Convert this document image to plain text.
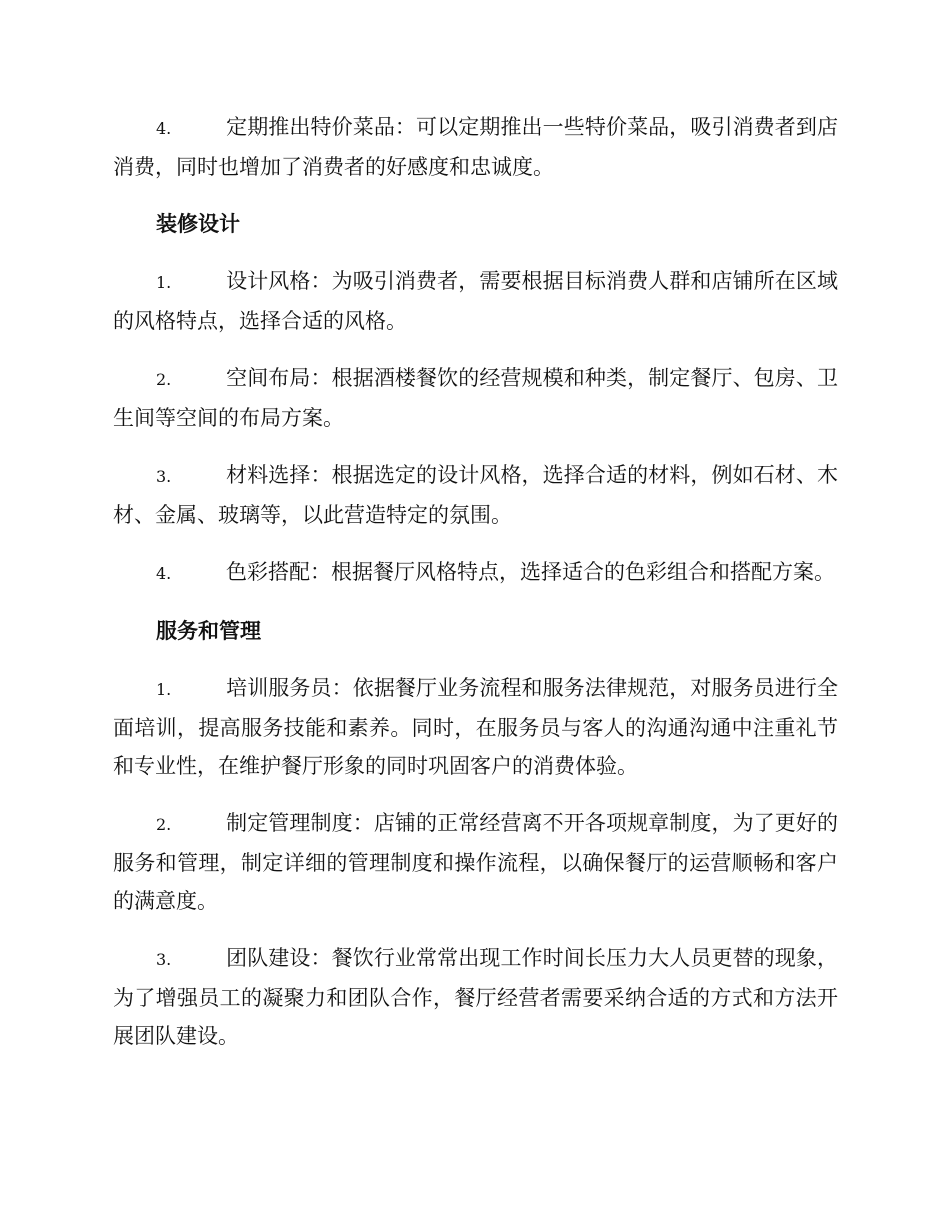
4.	定期推出特价菜品：可以定期推出一些特价菜品，吸引消费者到店消费，同时也增加了消费者的好感度和忠诚度。

装修设计

1.	设计风格：为吸引消费者，需要根据目标消费人群和店铺所在区域的风格特点，选择合适的风格。

2.	空间布局：根据酒楼餐饮的经营规模和种类，制定餐厅、包房、卫生间等空间的布局方案。

3.	材料选择：根据选定的设计风格，选择合适的材料，例如石材、木材、金属、玻璃等，以此营造特定的氛围。

4.	色彩搭配：根据餐厅风格特点，选择适合的色彩组合和搭配方案。

服务和管理

1.	培训服务员：依据餐厅业务流程和服务法律规范，对服务员进行全面培训，提高服务技能和素养。同时，在服务员与客人的沟通沟通中注重礼节和专业性，在维护餐厅形象的同时巩固客户的消费体验。

2.	制定管理制度：店铺的正常经营离不开各项规章制度，为了更好的服务和管理，制定详细的管理制度和操作流程，以确保餐厅的运营顺畅和客户的满意度。

3.	团队建设：餐饮行业常常出现工作时间长压力大人员更替的现象，为了增强员工的凝聚力和团队合作，餐厅经营者需要采纳合适的方式和方法开展团队建设。
